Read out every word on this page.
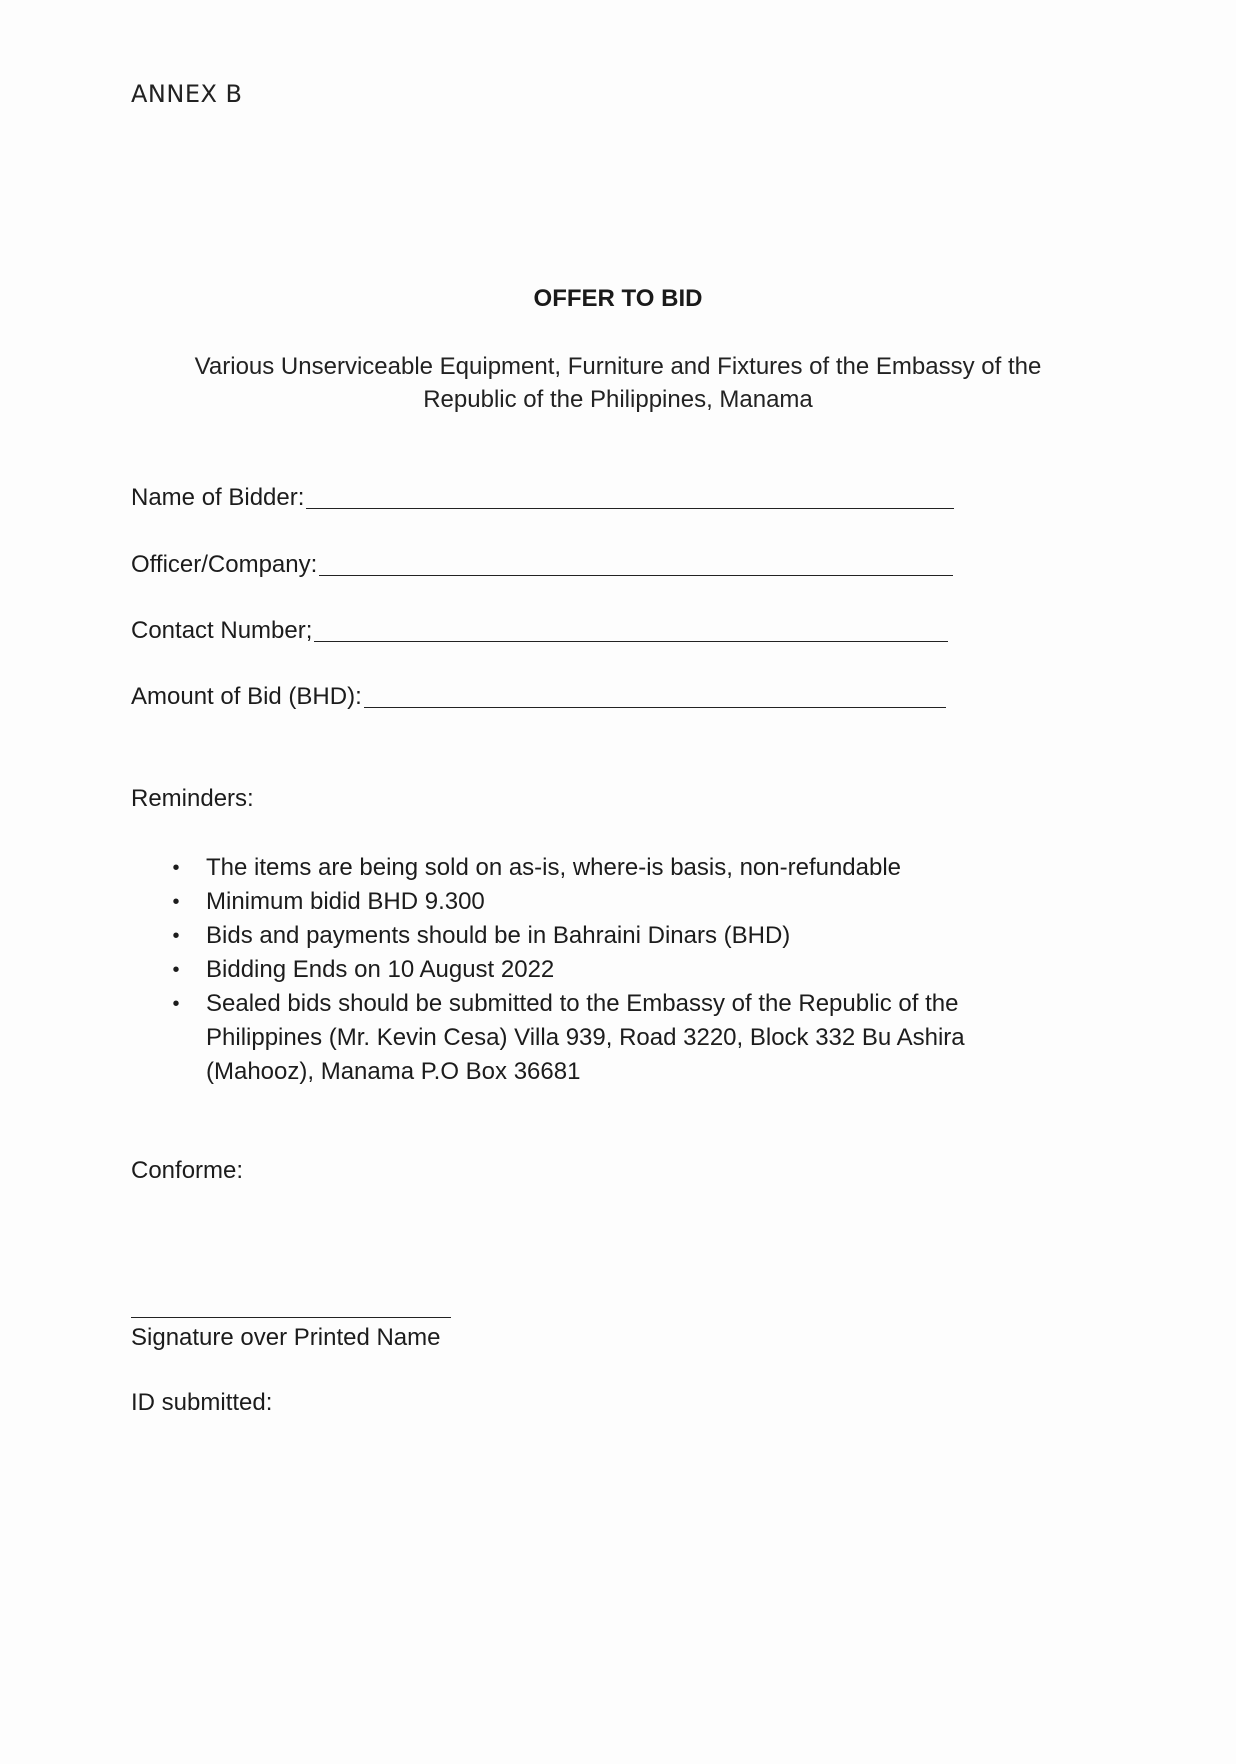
ANNEX B
OFFER TO BID
Various Unserviceable Equipment, Furniture and Fixtures of the Embassy of the
Republic of the Philippines, Manama
Name of Bidder:
Officer/Company:
Contact Number;
Amount of Bid (BHD):
Reminders:
• The items are being sold on as-is, where-is basis, non-refundable
• Minimum bidid BHD 9.300
• Bids and payments should be in Bahraini Dinars (BHD)
• Bidding Ends on 10 August 2022
• Sealed bids should be submitted to the Embassy of the Republic of the Philippines (Mr. Kevin Cesa) Villa 939, Road 3220, Block 332 Bu Ashira (Mahooz), Manama P.O Box 36681
Conforme:
Signature over Printed Name
ID submitted:
